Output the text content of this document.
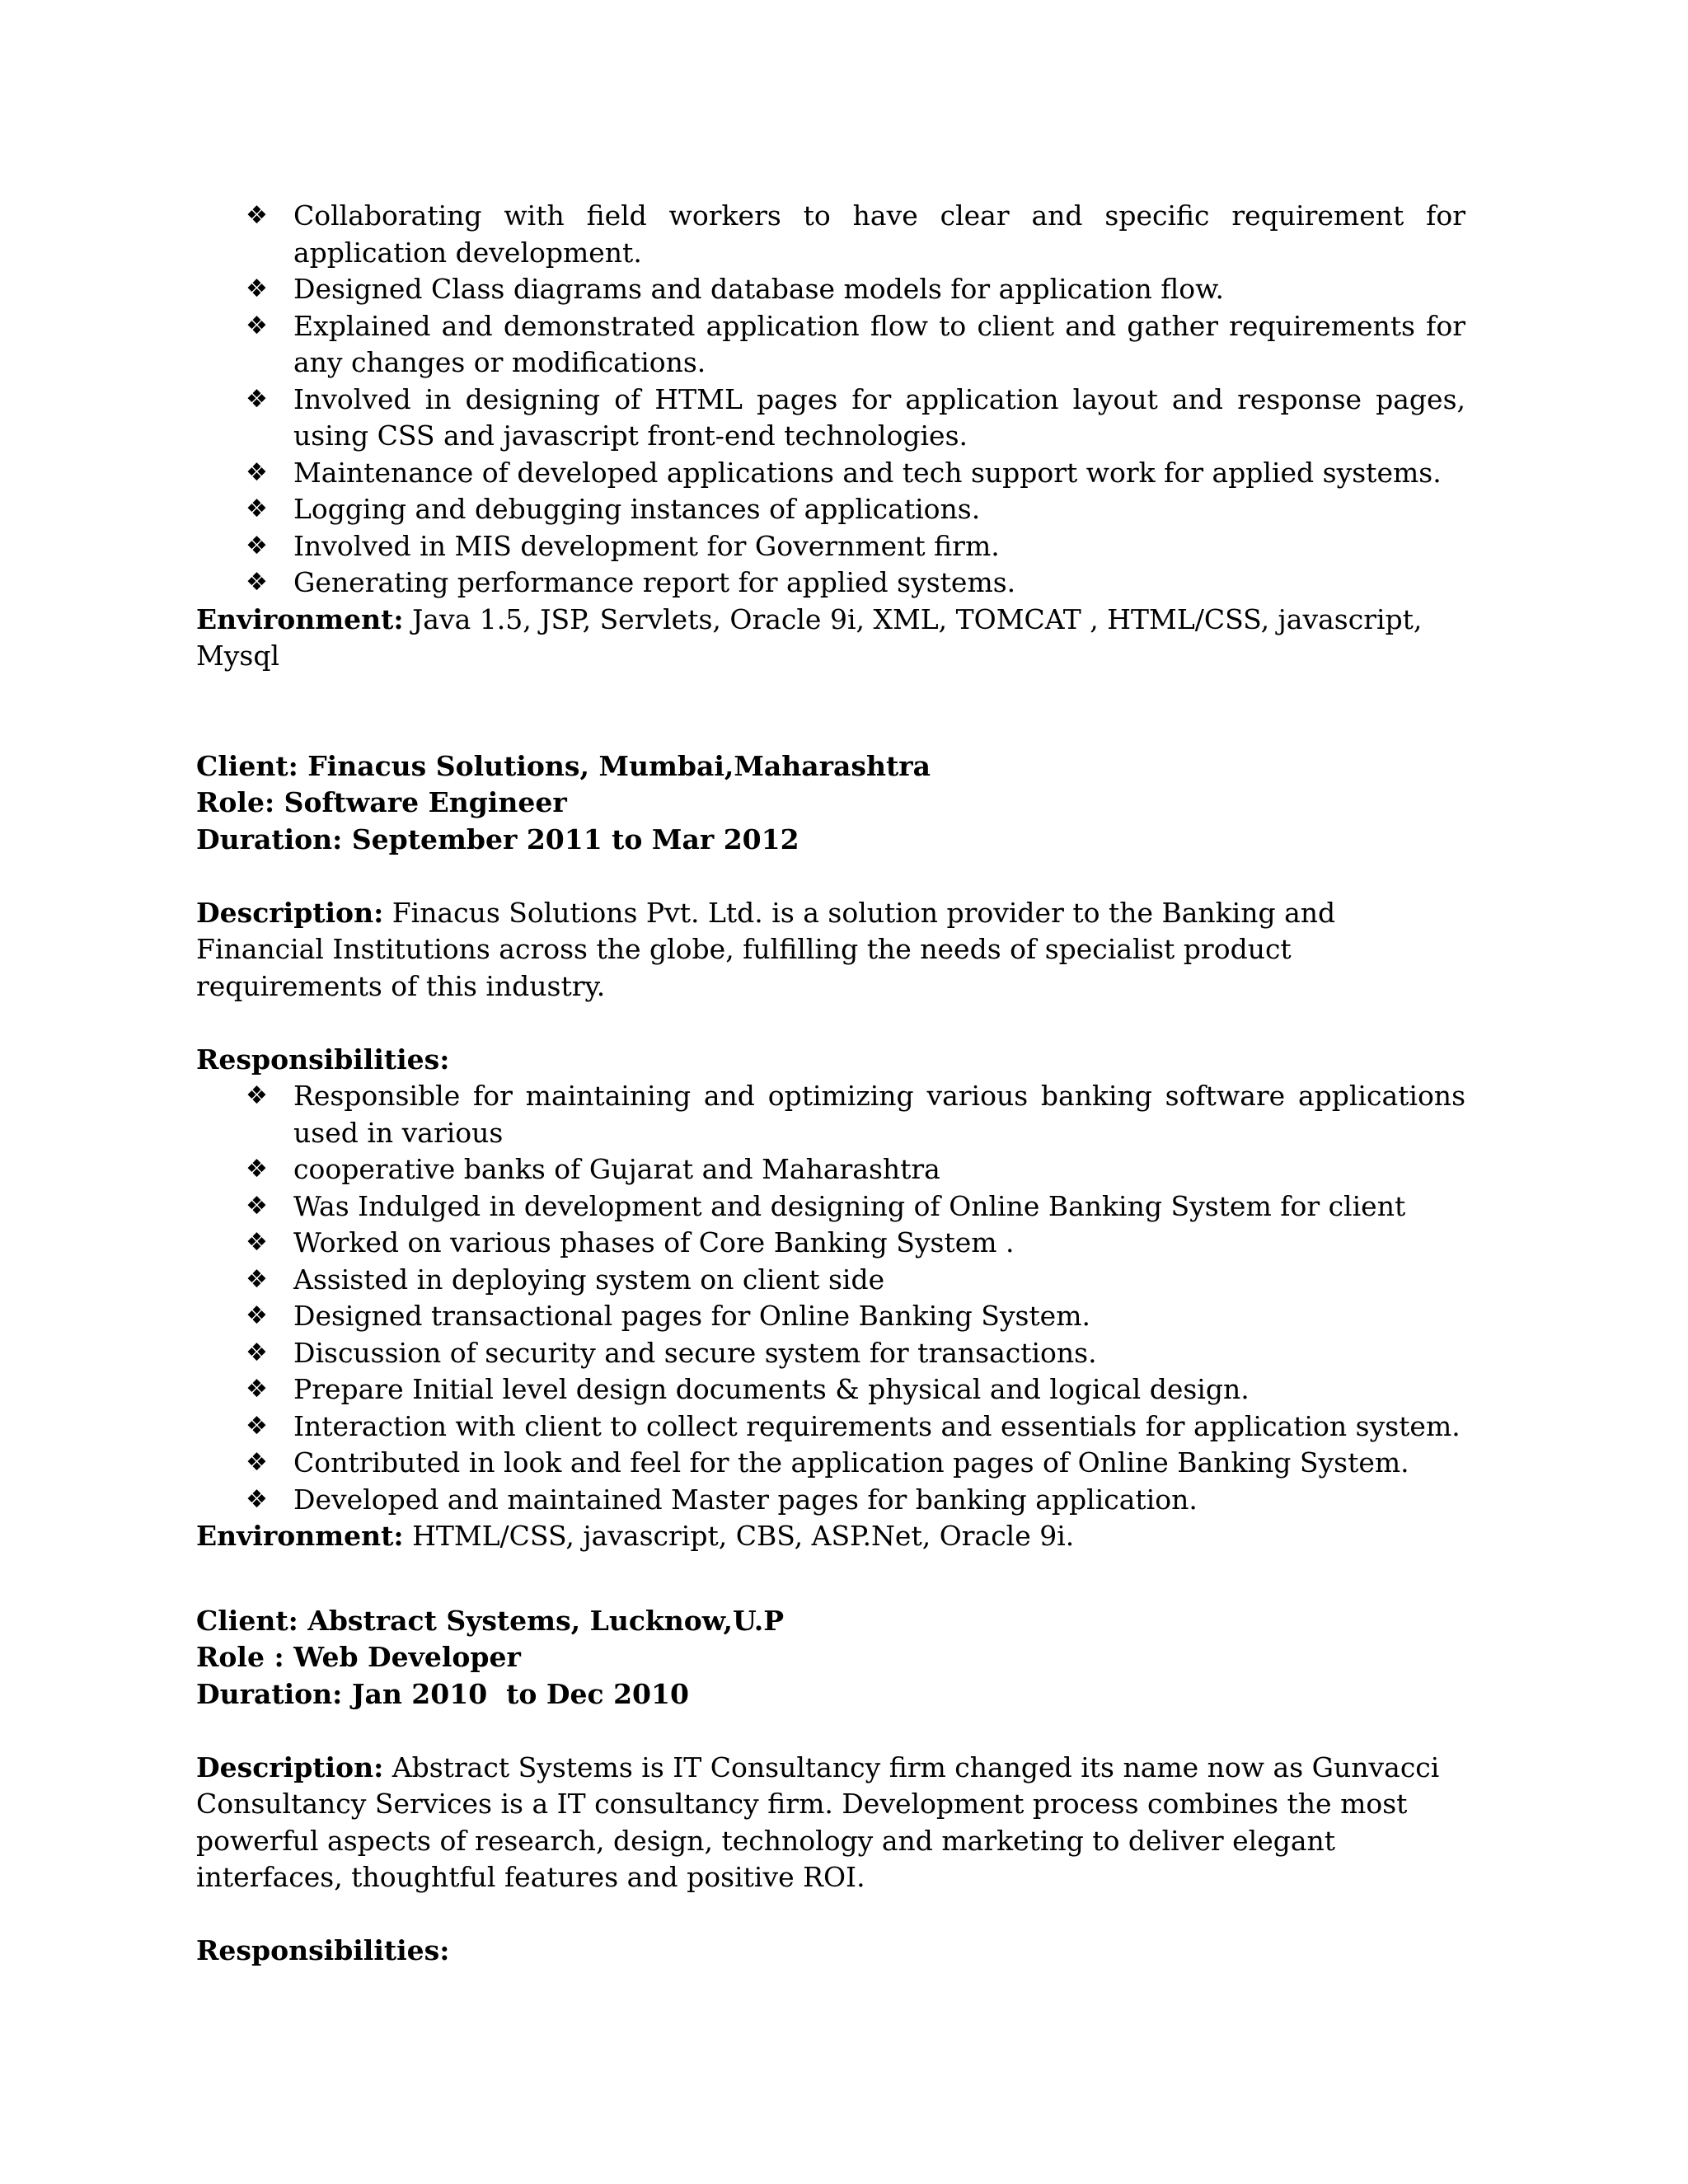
❖ Collaborating with field workers to have clear and specific requirement for application development.
❖ Designed Class diagrams and database models for application flow.
❖ Explained and demonstrated application flow to client and gather requirements for any changes or modifications.
❖ Involved in designing of HTML pages for application layout and response pages, using CSS and javascript front-end technologies.
❖ Maintenance of developed applications and tech support work for applied systems.
❖ Logging and debugging instances of applications.
❖ Involved in MIS development for Government firm.
❖ Generating performance report for applied systems.

Environment: Java 1.5, JSP, Servlets, Oracle 9i, XML, TOMCAT , HTML/CSS, javascript, Mysql

Client: Finacus Solutions, Mumbai,Maharashtra

Role: Software Engineer

Duration: September 2011 to Mar 2012

Description: Finacus Solutions Pvt. Ltd. is a solution provider to the Banking and Financial Institutions across the globe, fulfilling the needs of specialist product requirements of this industry.

Responsibilities:

❖ Responsible for maintaining and optimizing various banking software applications used in various
❖ cooperative banks of Gujarat and Maharashtra
❖ Was Indulged in development and designing of Online Banking System for client
❖ Worked on various phases of Core Banking System .
❖ Assisted in deploying system on client side
❖ Designed transactional pages for Online Banking System.
❖ Discussion of security and secure system for transactions.
❖ Prepare Initial level design documents & physical and logical design.
❖ Interaction with client to collect requirements and essentials for application system.
❖ Contributed in look and feel for the application pages of Online Banking System.
❖ Developed and maintained Master pages for banking application.

Environment: HTML/CSS, javascript, CBS, ASP.Net, Oracle 9i.

Client: Abstract Systems, Lucknow,U.P

Role : Web Developer

Duration: Jan 2010  to Dec 2010

Description: Abstract Systems is IT Consultancy firm changed its name now as Gunvacci Consultancy Services is a IT consultancy firm. Development process combines the most powerful aspects of research, design, technology and marketing to deliver elegant interfaces, thoughtful features and positive ROI.

Responsibilities:
